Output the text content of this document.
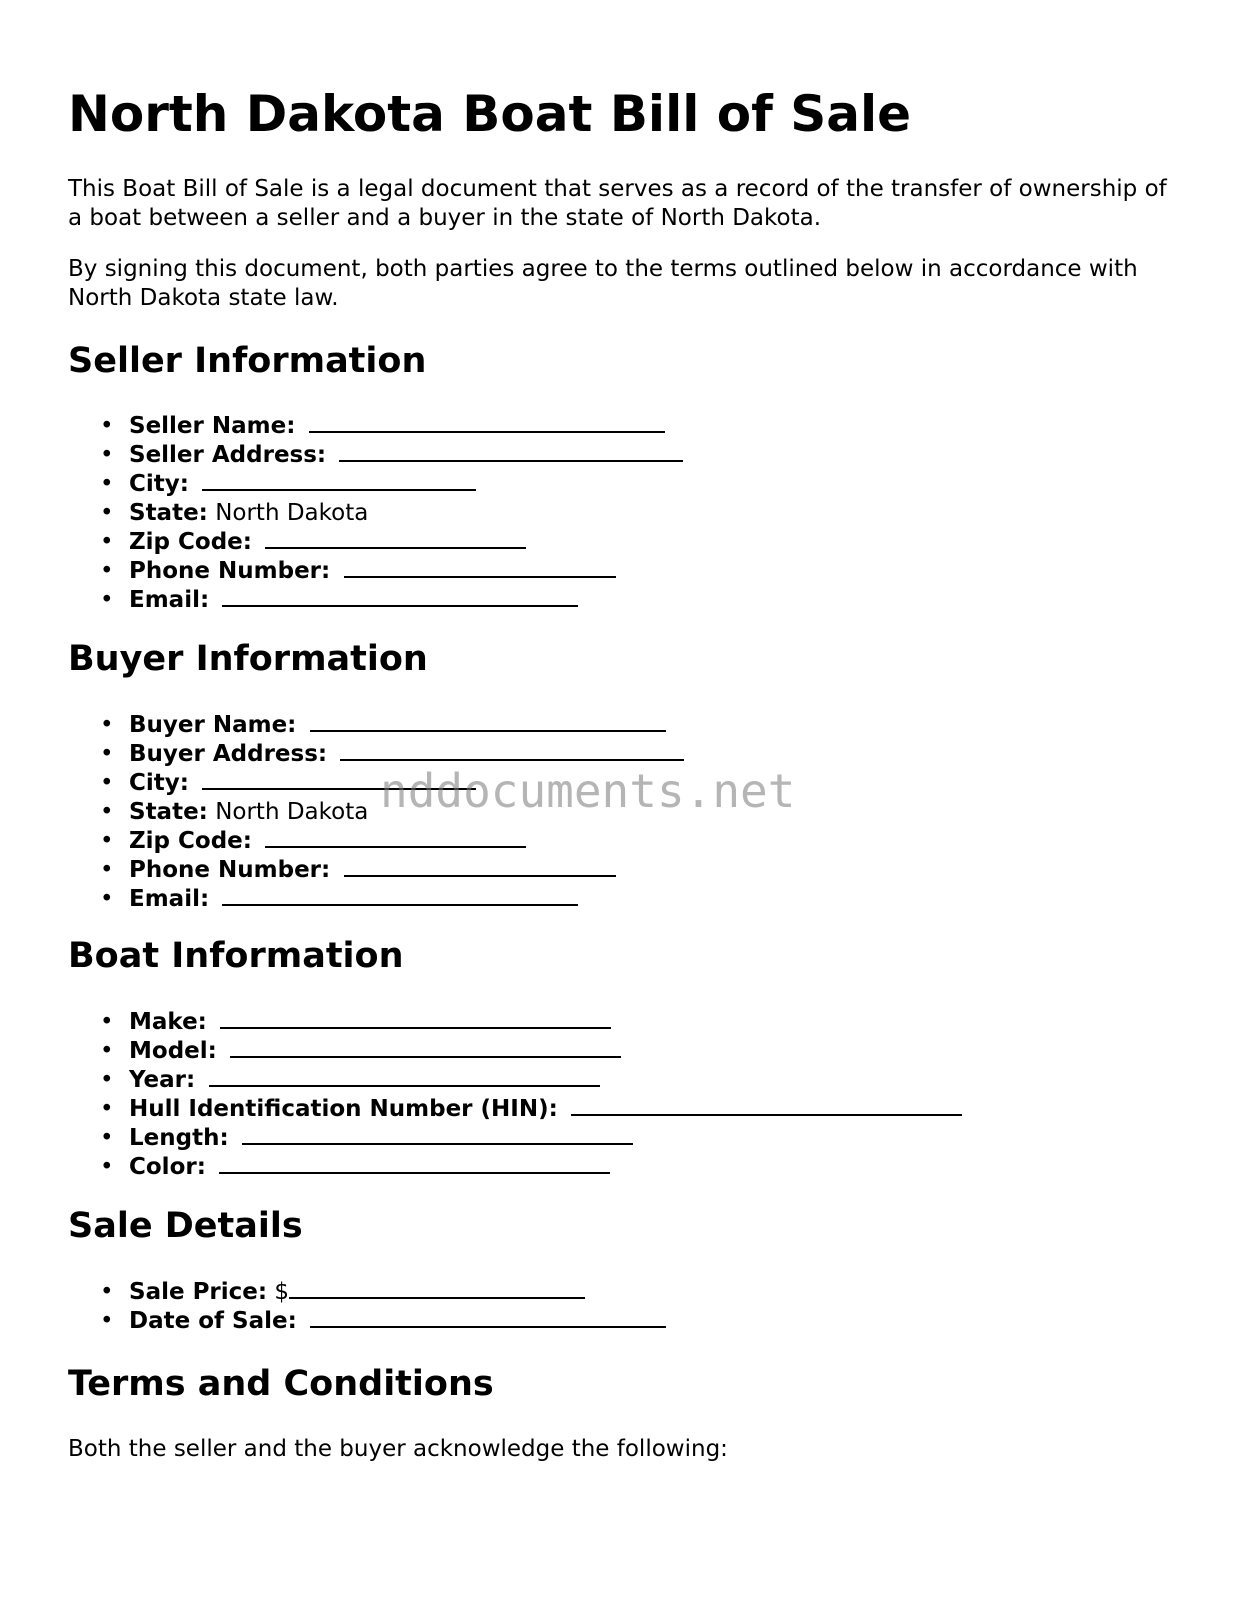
North Dakota Boat Bill of Sale

This Boat Bill of Sale is a legal document that serves as a record of the transfer of ownership of a boat between a seller and a buyer in the state of North Dakota.

By signing this document, both parties agree to the terms outlined below in accordance with North Dakota state law.

Seller Information
• Seller Name:
• Seller Address:
• City:
• State: North Dakota
• Zip Code:
• Phone Number:
• Email:
Buyer Information
• Buyer Name:
• Buyer Address:
• City:
• State: North Dakota
• Zip Code:
• Phone Number:
• Email:
Boat Information
• Make:
• Model:
• Year:
• Hull Identification Number (HIN):
• Length:
• Color:
Sale Details
• Sale Price: $
• Date of Sale:
Terms and Conditions

Both the seller and the buyer acknowledge the following:

nddocuments.net
